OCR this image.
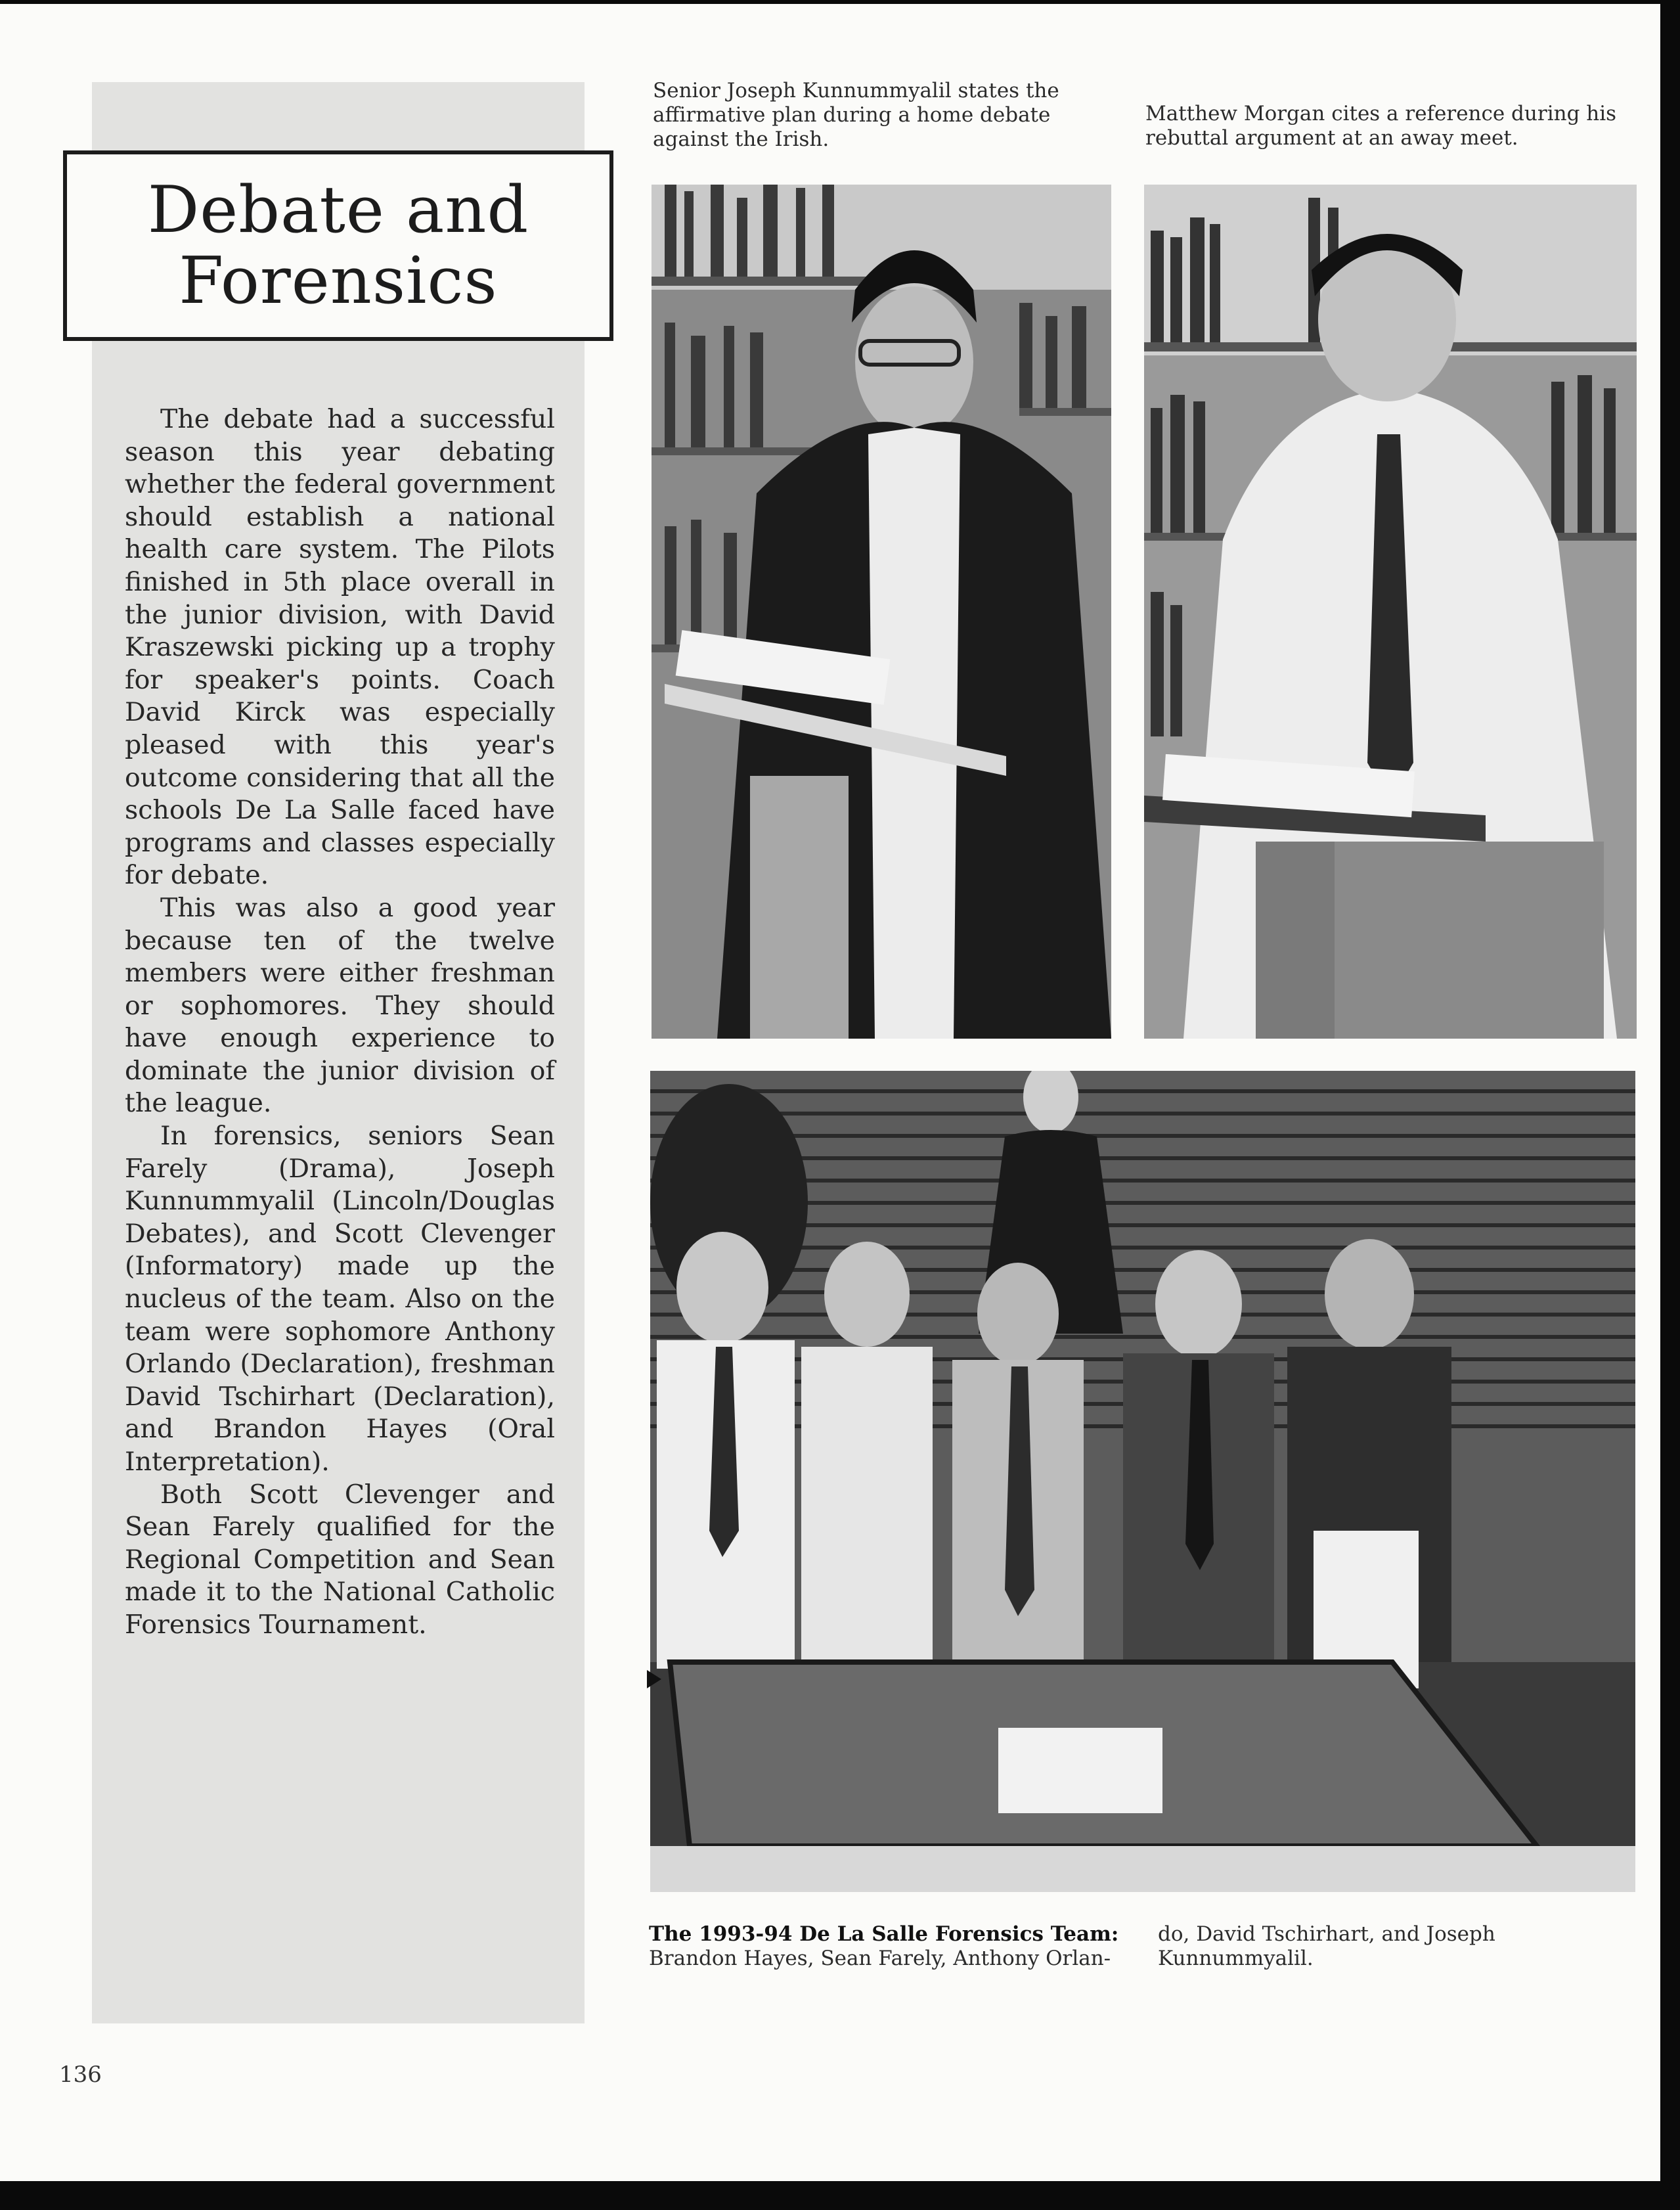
Debate and
Forensics

The debate had a successful season this year debating whether the federal government should establish a national health care system. The Pilots finished in 5th place overall in the junior division, with David Kraszewski picking up a trophy for speaker's points. Coach David Kirck was especially pleased with this year's outcome considering that all the schools De La Salle faced have programs and classes especially for debate.

This was also a good year because ten of the twelve members were either freshman or sophomores. They should have enough experience to dominate the junior division of the league.

In forensics, seniors Sean Farely (Drama), Joseph Kunnummyalil (Lincoln/Douglas Debates), and Scott Clevenger (Informatory) made up the nucleus of the team. Also on the team were sophomore Anthony Orlando (Declaration), freshman David Tschirhart (Declaration), and Brandon Hayes (Oral Interpretation).

Both Scott Clevenger and Sean Farely qualified for the Regional Competition and Sean made it to the National Catholic Forensics Tournament.

Senior Joseph Kunnummyalil states the affirmative plan during a home debate against the Irish.
Matthew Morgan cites a reference during his rebuttal argument at an away meet.
The 1993-94 De La Salle Forensics Team:
Brandon Hayes, Sean Farely, Anthony Orlan-
do, David Tschirhart, and Joseph Kunnummyalil.
136
